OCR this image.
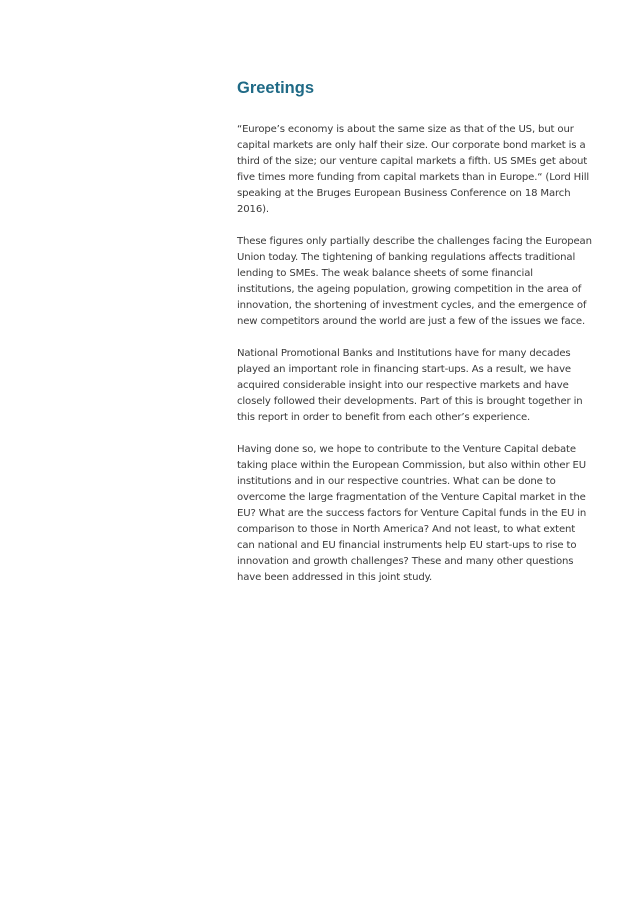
Greetings

“Europe’s economy is about the same size as that of the US, but our capital markets are only half their size. Our corporate bond market is a third of the size; our venture capital markets a fifth. US SMEs get about five times more funding from capital markets than in Europe.“ (Lord Hill speaking at the Bruges European Business Conference on 18 March 2016).

These figures only partially describe the challenges facing the European Union today. The tightening of banking regulations affects traditional lending to SMEs. The weak balance sheets of some financial institutions, the ageing population, growing competition in the area of innovation, the shortening of investment cycles, and the emergence of new competitors around the world are just a few of the issues we face.

National Promotional Banks and Institutions have for many decades played an important role in financing start-ups. As a result, we have acquired considerable insight into our respective markets and have closely followed their developments. Part of this is brought together in this report in order to benefit from each other’s experience.

Having done so, we hope to contribute to the Venture Capital debate taking place within the European Commission, but also within other EU institutions and in our respective countries. What can be done to overcome the large fragmentation of the Venture Capital market in the EU? What are the success factors for Venture Capital funds in the EU in comparison to those in North America? And not least, to what extent can national and EU financial instruments help EU start-ups to rise to innovation and growth challenges? These and many other questions have been addressed in this joint study.
